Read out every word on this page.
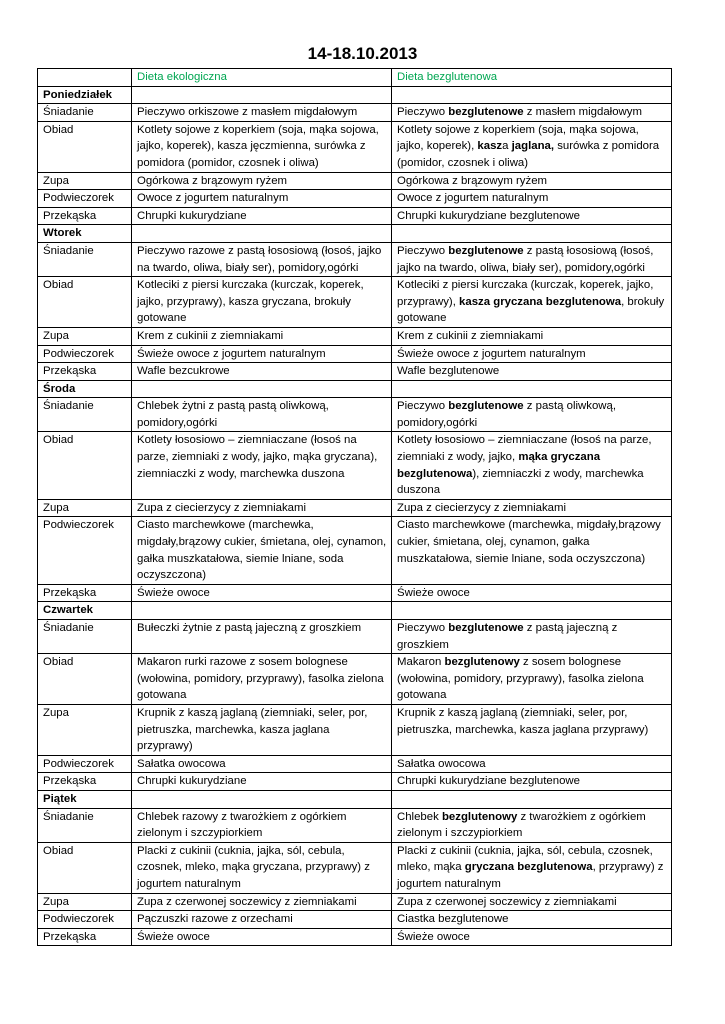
14-18.10.2013
	Dieta ekologiczna	Dieta bezglutenowa
Poniedziałek		
Śniadanie	Pieczywo orkiszowe z masłem migdałowym	Pieczywo bezglutenowe z masłem migdałowym
Obiad	Kotlety sojowe z koperkiem (soja, mąka sojowa, jajko, koperek), kasza jęczmienna, surówka z pomidora (pomidor, czosnek i oliwa)	Kotlety sojowe z koperkiem (soja, mąka sojowa, jajko, koperek), kasza jaglana, surówka z pomidora (pomidor, czosnek i oliwa)
Zupa	Ogórkowa z brązowym ryżem	Ogórkowa z brązowym ryżem
Podwieczorek	Owoce z jogurtem naturalnym	Owoce z jogurtem naturalnym
Przekąska	Chrupki kukurydziane	Chrupki kukurydziane bezglutenowe
Wtorek		
Śniadanie	Pieczywo razowe z pastą łososiową (łosoś, jajko na twardo, oliwa, biały ser), pomidory,ogórki	Pieczywo bezglutenowe z pastą łososiową (łosoś, jajko na twardo, oliwa, biały ser), pomidory,ogórki
Obiad	Kotleciki z piersi kurczaka (kurczak, koperek, jajko, przyprawy), kasza gryczana, brokuły gotowane	Kotleciki z piersi kurczaka (kurczak, koperek, jajko, przyprawy), kasza gryczana bezglutenowa, brokuły gotowane
Zupa	Krem z cukinii z ziemniakami	Krem z cukinii z ziemniakami
Podwieczorek	Świeże owoce z jogurtem naturalnym	Świeże owoce z jogurtem naturalnym
Przekąska	Wafle bezcukrowe	Wafle bezglutenowe
Środa		
Śniadanie	Chlebek żytni z pastą pastą oliwkową, pomidory,ogórki	Pieczywo bezglutenowe z pastą oliwkową, pomidory,ogórki
Obiad	Kotlety łososiowo – ziemniaczane (łosoś na parze, ziemniaki z wody, jajko, mąka gryczana), ziemniaczki z wody, marchewka duszona	Kotlety łososiowo – ziemniaczane (łosoś na parze, ziemniaki z wody, jajko, mąka gryczana bezglutenowa), ziemniaczki z wody, marchewka duszona
Zupa	Zupa z ciecierzycy z ziemniakami	Zupa z ciecierzycy z ziemniakami
Podwieczorek	Ciasto marchewkowe (marchewka, migdały,brązowy cukier, śmietana, olej, cynamon, gałka muszkatałowa, siemie lniane, soda oczyszczona)	Ciasto marchewkowe (marchewka, migdały,brązowy cukier, śmietana, olej, cynamon, gałka muszkatałowa, siemie lniane, soda oczyszczona)
Przekąska	Świeże owoce	Świeże owoce
Czwartek		
Śniadanie	Bułeczki żytnie z pastą jajeczną z groszkiem	Pieczywo bezglutenowe z pastą jajeczną z groszkiem
Obiad	Makaron rurki razowe z sosem bolognese (wołowina, pomidory, przyprawy), fasolka zielona gotowana	Makaron bezglutenowy z sosem bolognese (wołowina, pomidory, przyprawy), fasolka zielona gotowana
Zupa	Krupnik z kaszą jaglaną (ziemniaki, seler, por, pietruszka, marchewka, kasza jaglana przyprawy)	Krupnik z kaszą jaglaną (ziemniaki, seler, por, pietruszka, marchewka, kasza jaglana przyprawy)
Podwieczorek	Sałatka owocowa	Sałatka owocowa
Przekąska	Chrupki kukurydziane	Chrupki kukurydziane bezglutenowe
Piątek		
Śniadanie	Chlebek razowy z twarożkiem z ogórkiem zielonym i szczypiorkiem	Chlebek bezglutenowy z twarożkiem z ogórkiem zielonym i szczypiorkiem
Obiad	Placki z cukinii (cuknia, jajka, sól, cebula, czosnek, mleko, mąka gryczana, przyprawy) z jogurtem naturalnym	Placki z cukinii (cuknia, jajka, sól, cebula, czosnek, mleko, mąka gryczana bezglutenowa, przyprawy) z jogurtem naturalnym
Zupa	Zupa z czerwonej soczewicy z ziemniakami	Zupa z czerwonej soczewicy z ziemniakami
Podwieczorek	Pączuszki razowe z orzechami	Ciastka bezglutenowe
Przekąska	Świeże owoce	Świeże owoce
